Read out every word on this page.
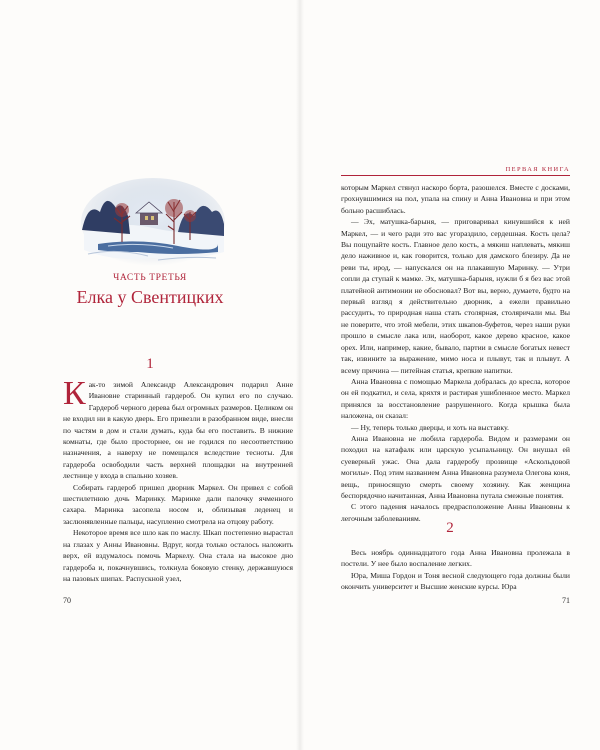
ЧАСТЬ ТРЕТЬЯ
Елка у Свентицких
1

Как-то зимой Александр Александрович подарил Анне Ивановне старинный гардероб. Он купил его по случаю. Гардероб черного дерева был огромных размеров. Целиком он не входил ни в какую дверь. Его привезли в разобранном виде, внесли по частям в дом и стали думать, куда бы его поставить. В нижние комнаты, где было просторнее, он не годился по несоответствию назначения, а наверху не помещался вследствие тесноты. Для гардероба освободили часть верхней площадки на внутренней лестнице у входа в спальню хозяев.

Собирать гардероб пришел дворник Маркел. Он привел с собой шестилетнюю дочь Маринку. Маринке дали палочку ячменного сахара. Маринка засопела носом и, облизывая леденец и заслюнявленные пальцы, насупленно смотрела на отцову работу.

Некоторое время все шло как по маслу. Шкап постепенно вырастал на глазах у Анны Ивановны. Вдруг, когда только осталось наложить верх, ей вздумалось помочь Маркелу. Она стала на высокое дно гардероба и, покачнувшись, толкнула боковую стенку, державшуюся на пазовых шипах. Распускной узел,

70
ПЕРВАЯ КНИГА

которым Маркел стянул наскоро борта, разошелся. Вместе с досками, грохнувшимися на пол, упала на спину и Анна Ивановна и при этом больно расшиблась.

— Эх, матушка-барыня, — приговаривал кинувшийся к ней Маркел, — и чего ради это вас угораздило, сердешная. Кость цела? Вы пощупайте кость. Главное дело кость, а мякиш наплевать, мякиш дело наживное и, как говорится, только для дамского блезиру. Да не реви ты, ирод, — напускался он на плакавшую Маринку. — Утри сопли да ступай к мамке. Эх, матушка-барыня, нужли б я без вас этой платейной антимонии не обосновал? Вот вы, верно, думаете, будто на первый взгляд я действительно дворник, а ежели правильно рассудить, то природная наша стать столярная, столяричали мы. Вы не поверите, что этой мебели, этих шкапов-буфетов, через наши руки прошло в смысле лака или, наоборот, какое дерево красное, какое орех. Или, например, какие, бывало, партии в смысле богатых невест так, извините за выражение, мимо носа и плывут, так и плывут. А всему причина — питейная статья, крепкие напитки.

Анна Ивановна с помощью Маркела добралась до кресла, которое он ей подкатил, и села, кряхтя и растирая ушибленное место. Маркел принялся за восстановление разрушенного. Когда крышка была наложена, он сказал:

— Ну, теперь только дверцы, и хоть на выставку.

Анна Ивановна не любила гардероба. Видом и размерами он походил на катафалк или царскую усыпальницу. Он внушал ей суеверный ужас. Она дала гардеробу прозвище «Аскольдовой могилы». Под этим названием Анна Ивановна разумела Олегова коня, вещь, приносящую смерть своему хозяину. Как женщина беспорядочно начитанная, Анна Ивановна путала смежные понятия.

С этого падения началось предрасположение Анны Ивановны к легочным заболеваниям.

2

Весь ноябрь одиннадцатого года Анна Ивановна пролежала в постели. У нее было воспаление легких.

Юра, Миша Гордон и Тоня весной следующего года должны были окончить университет и Высшие женские курсы. Юра

71
